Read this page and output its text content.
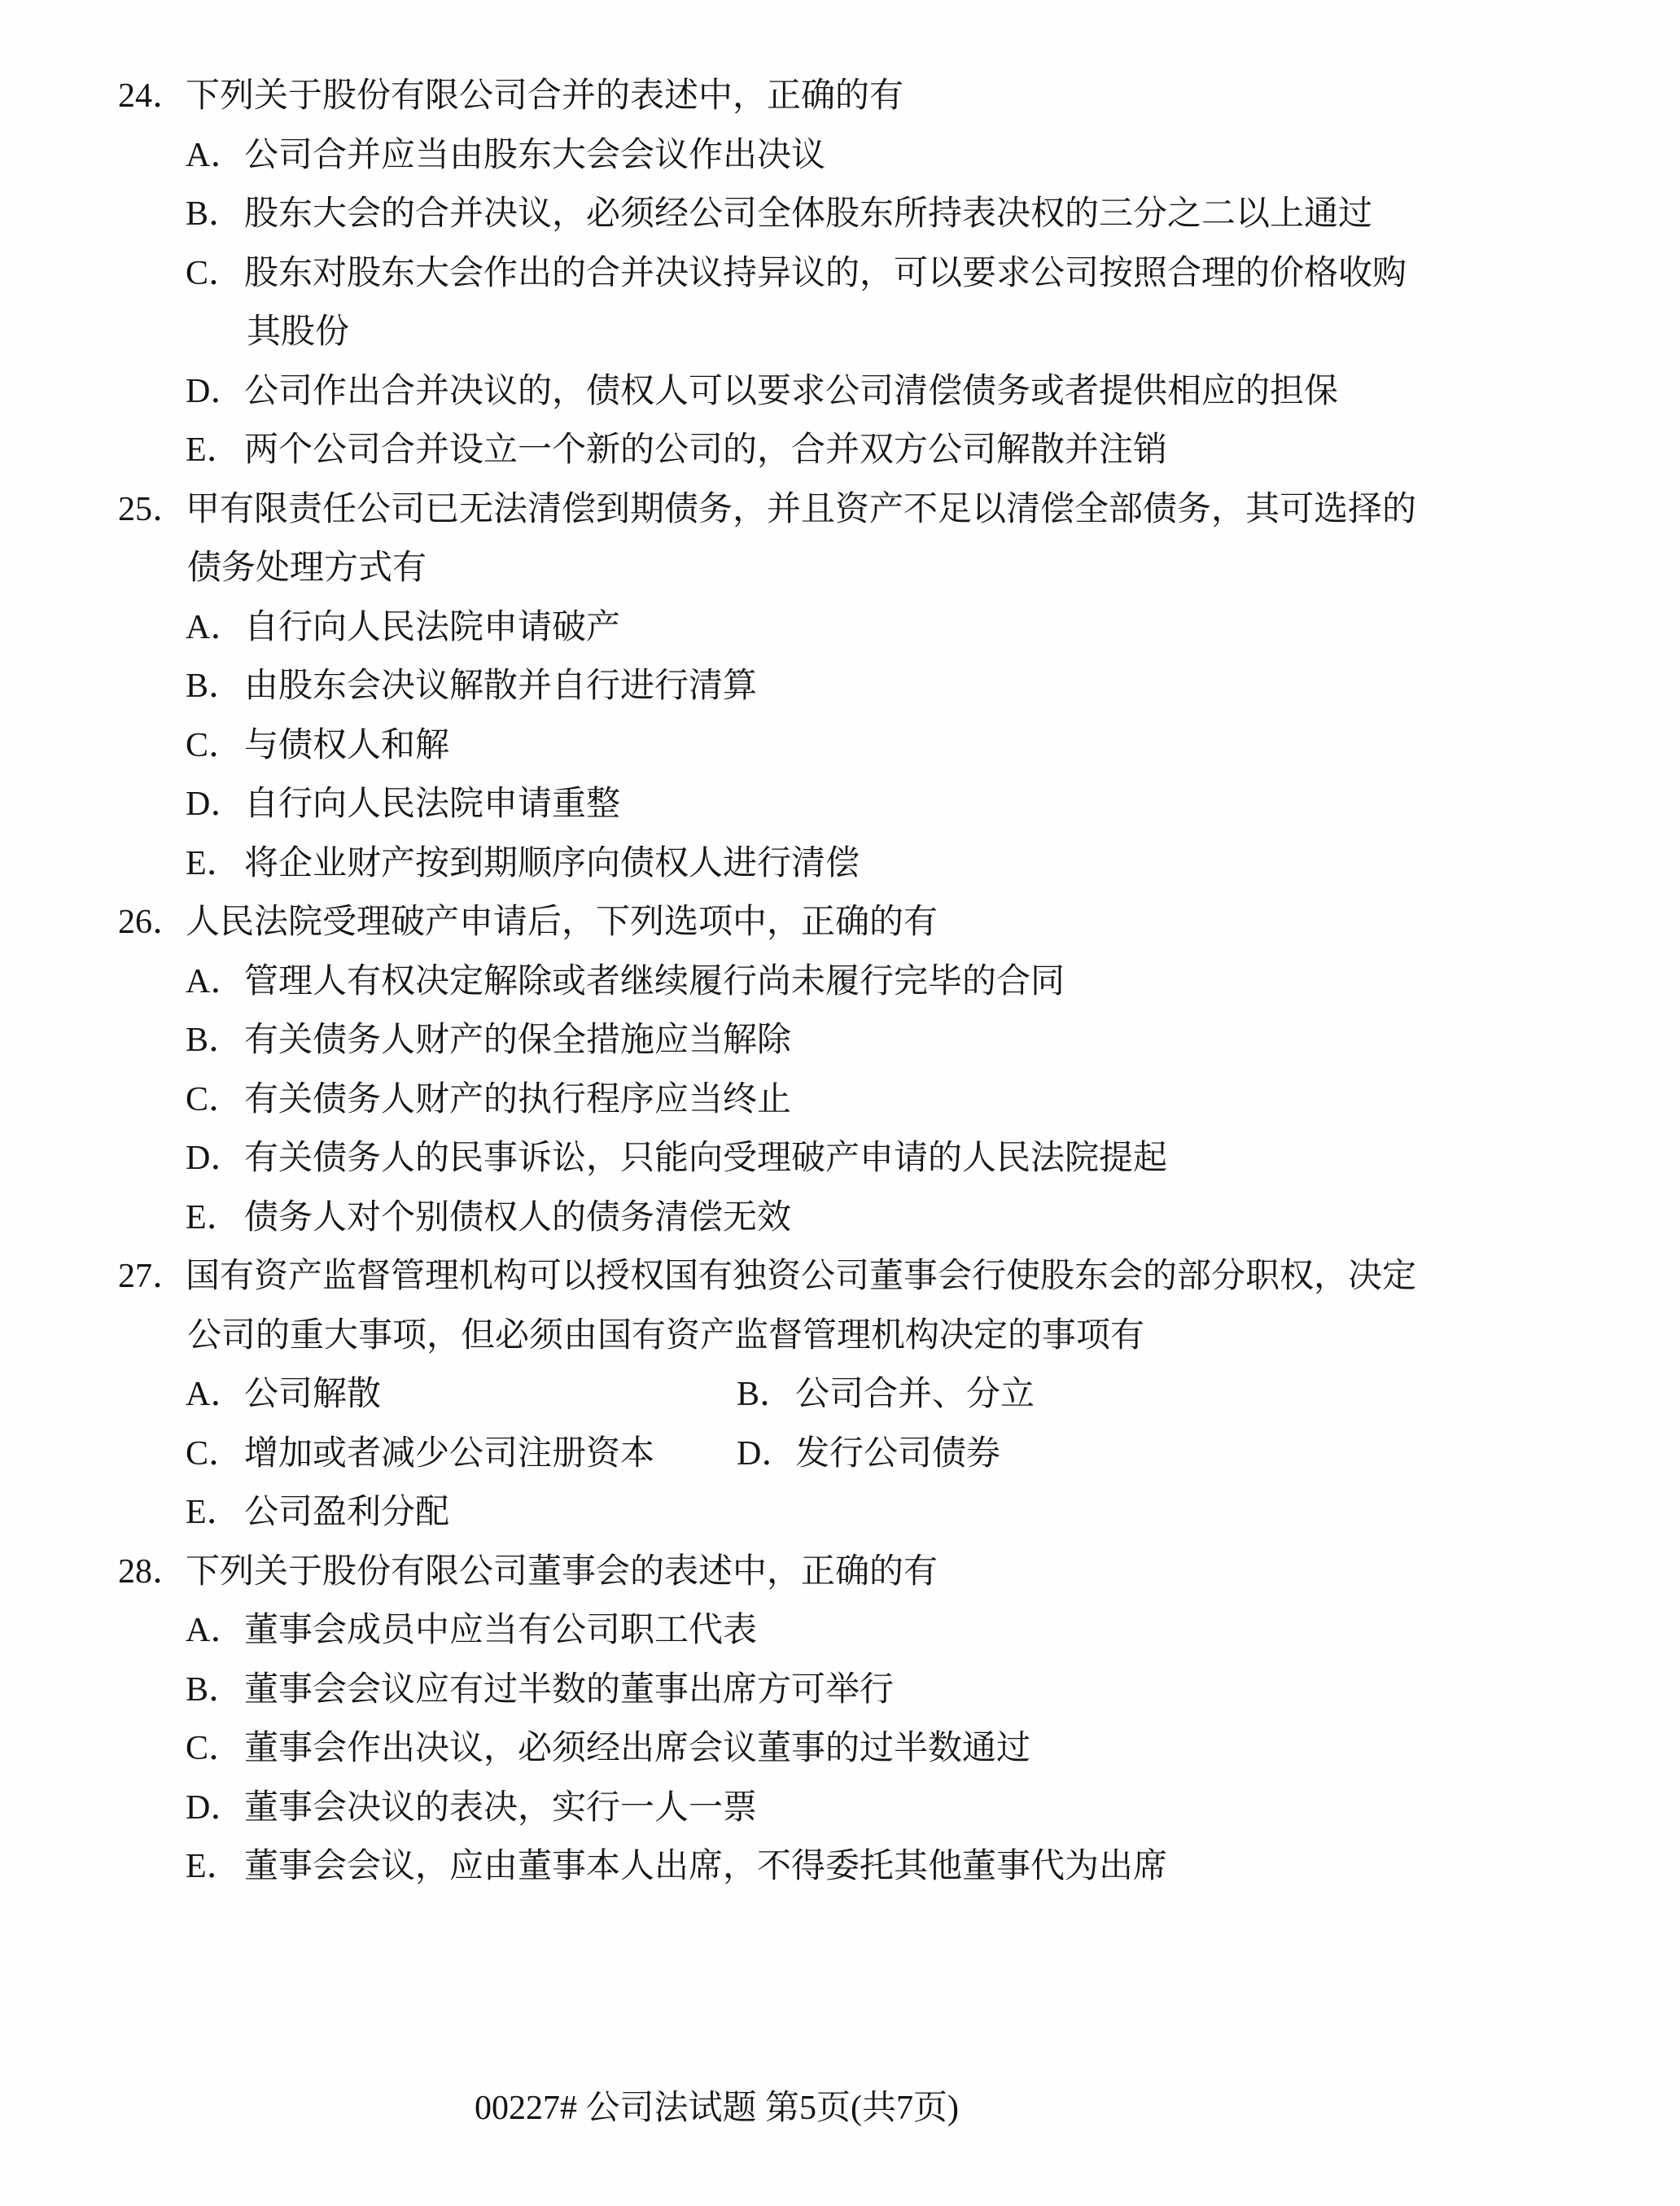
24．
下列关于股份有限公司合并的表述中，正确的有
A． 公司合并应当由股东大会会议作出决议
B． 股东大会的合并决议，必须经公司全体股东所持表决权的三分之二以上通过
C． 股东对股东大会作出的合并决议持异议的，可以要求公司按照合理的价格收购
其股份
D． 公司作出合并决议的，债权人可以要求公司清偿债务或者提供相应的担保
E． 两个公司合并设立一个新的公司的，合并双方公司解散并注销
25．
甲有限责任公司已无法清偿到期债务，并且资产不足以清偿全部债务，其可选择的
债务处理方式有
A． 自行向人民法院申请破产
B． 由股东会决议解散并自行进行清算
C． 与债权人和解
D． 自行向人民法院申请重整
E． 将企业财产按到期顺序向债权人进行清偿
26．
人民法院受理破产申请后，下列选项中，正确的有
A． 管理人有权决定解除或者继续履行尚未履行完毕的合同
B． 有关债务人财产的保全措施应当解除
C． 有关债务人财产的执行程序应当终止
D． 有关债务人的民事诉讼，只能向受理破产申请的人民法院提起
E． 债务人对个别债权人的债务清偿无效
27．
国有资产监督管理机构可以授权国有独资公司董事会行使股东会的部分职权，决定
公司的重大事项，但必须由国有资产监督管理机构决定的事项有
A． 公司解散	B． 公司合并、分立
C． 增加或者减少公司注册资本 D． 发行公司债券
E． 公司盈利分配
28．
下列关于股份有限公司董事会的表述中，正确的有
A． 董事会成员中应当有公司职工代表
B． 董事会会议应有过半数的董事出席方可举行
C． 董事会作出决议，必须经出席会议董事的过半数通过
D． 董事会决议的表决，实行一人一票
E． 董事会会议，应由董事本人出席，不得委托其他董事代为出席
00227# 公司法试题 第5页(共7页)
